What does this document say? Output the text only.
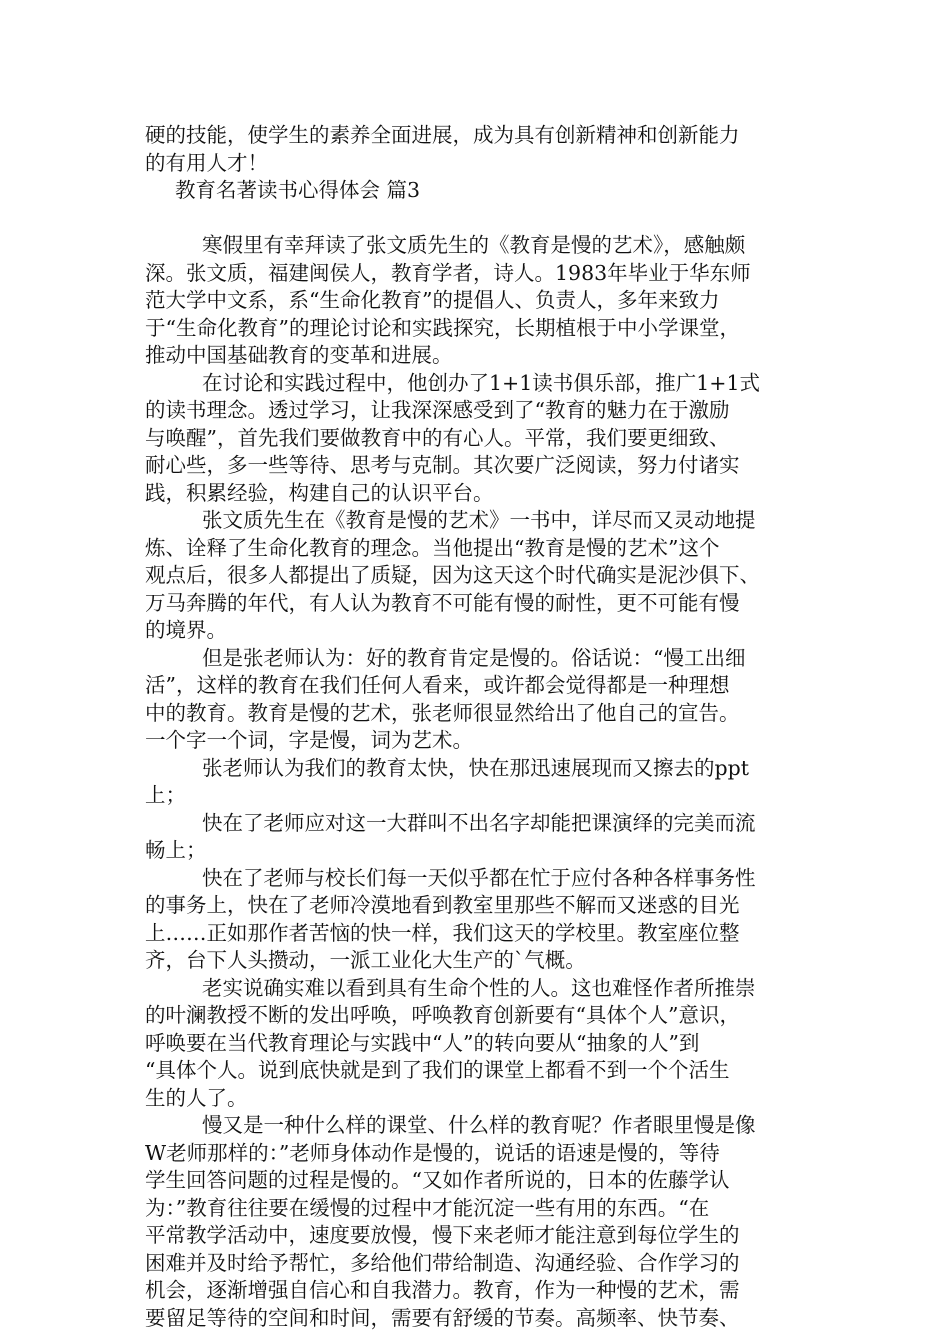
硬的技能，使学生的素养全面进展，成为具有创新精神和创新能力
的有用人才！
教育名著读书心得体会 篇3
寒假里有幸拜读了张文质先生的《教育是慢的艺术》，感触颇
深。张文质，福建闽侯人，教育学者，诗人。1983年毕业于华东师
范大学中文系，系“生命化教育”的提倡人、负责人，多年来致力
于“生命化教育”的理论讨论和实践探究，长期植根于中小学课堂，
推动中国基础教育的变革和进展。
在讨论和实践过程中，他创办了1+1读书俱乐部，推广1+1式
的读书理念。透过学习，让我深深感受到了“教育的魅力在于激励
与唤醒”，首先我们要做教育中的有心人。平常，我们要更细致、
耐心些，多一些等待、思考与克制。其次要广泛阅读，努力付诸实
践，积累经验，构建自己的认识平台。
张文质先生在《教育是慢的艺术》一书中，详尽而又灵动地提
炼、诠释了生命化教育的理念。当他提出“教育是慢的艺术”这个
观点后，很多人都提出了质疑，因为这天这个时代确实是泥沙俱下、
万马奔腾的年代，有人认为教育不可能有慢的耐性，更不可能有慢
的境界。
但是张老师认为：好的教育肯定是慢的。俗话说：“慢工出细
活”，这样的教育在我们任何人看来，或许都会觉得都是一种理想
中的教育。教育是慢的艺术，张老师很显然给出了他自己的宣告。
一个字一个词，字是慢，词为艺术。
张老师认为我们的教育太快，快在那迅速展现而又擦去的ppt
上；
快在了老师应对这一大群叫不出名字却能把课演绎的完美而流
畅上；
快在了老师与校长们每一天似乎都在忙于应付各种各样事务性
的事务上，快在了老师冷漠地看到教室里那些不解而又迷惑的目光
上……正如那作者苦恼的快一样，我们这天的学校里。教室座位整
齐，台下人头攒动，一派工业化大生产的`气概。
老实说确实难以看到具有生命个性的人。这也难怪作者所推崇
的叶澜教授不断的发出呼唤，呼唤教育创新要有“具体个人”意识，
呼唤要在当代教育理论与实践中“人”的转向要从“抽象的人”到
“具体个人。说到底快就是到了我们的课堂上都看不到一个个活生
生的人了。
慢又是一种什么样的课堂、什么样的教育呢？作者眼里慢是像
W老师那样的：”老师身体动作是慢的，说话的语速是慢的，等待
学生回答问题的过程是慢的。“又如作者所说的，日本的佐藤学认
为：”教育往往要在缓慢的过程中才能沉淀一些有用的东西。“在
平常教学活动中，速度要放慢，慢下来老师才能注意到每位学生的
困难并及时给予帮忙，多给他们带给制造、沟通经验、合作学习的
机会，逐渐增强自信心和自我潜力。教育，作为一种慢的艺术，需
要留足等待的空间和时间，需要有舒缓的节奏。高频率、快节奏、
